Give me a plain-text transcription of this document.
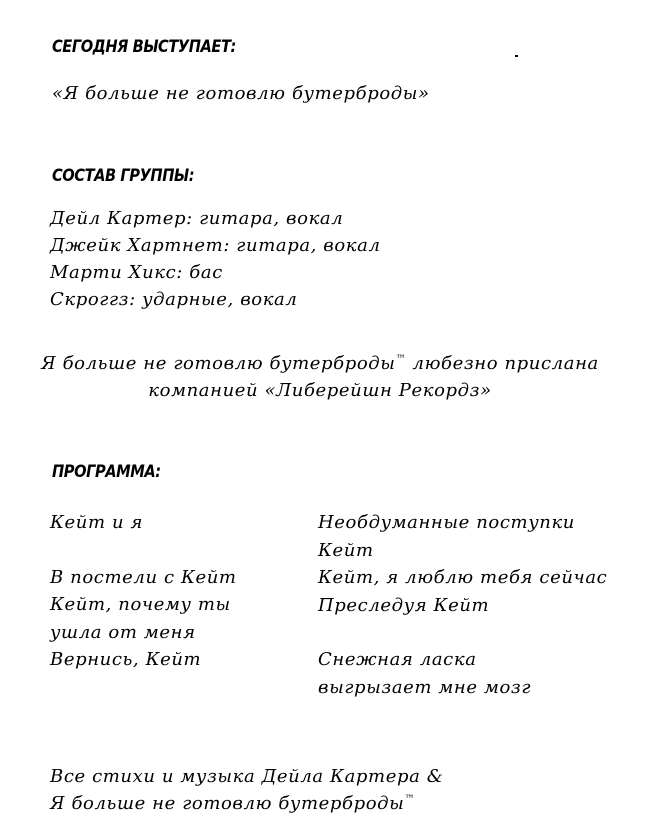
СЕГОДНЯ ВЫСТУПАЕТ:
«Я больше не готовлю бутерброды»
СОСТАВ ГРУППЫ:
Дейл Картер: гитара, вокал
Джейк Хартнет: гитара, вокал
Марти Хикс: бас
Скроггз: ударные, вокал
Я больше не готовлю бутерброды™ любезно прислана
компанией «Либерейшн Рекордз»
ПРОГРАММА:
Кейт и я
В постели с Кейт
Кейт, почему ты
ушла от меня
Вернись, Кейт
Необдуманные поступки
Кейт
Кейт, я люблю тебя сейчас
Преследуя Кейт
Снежная ласка
выгрызает мне мозг
Все стихи и музыка Дейла Картера &
Я больше не готовлю бутерброды™
